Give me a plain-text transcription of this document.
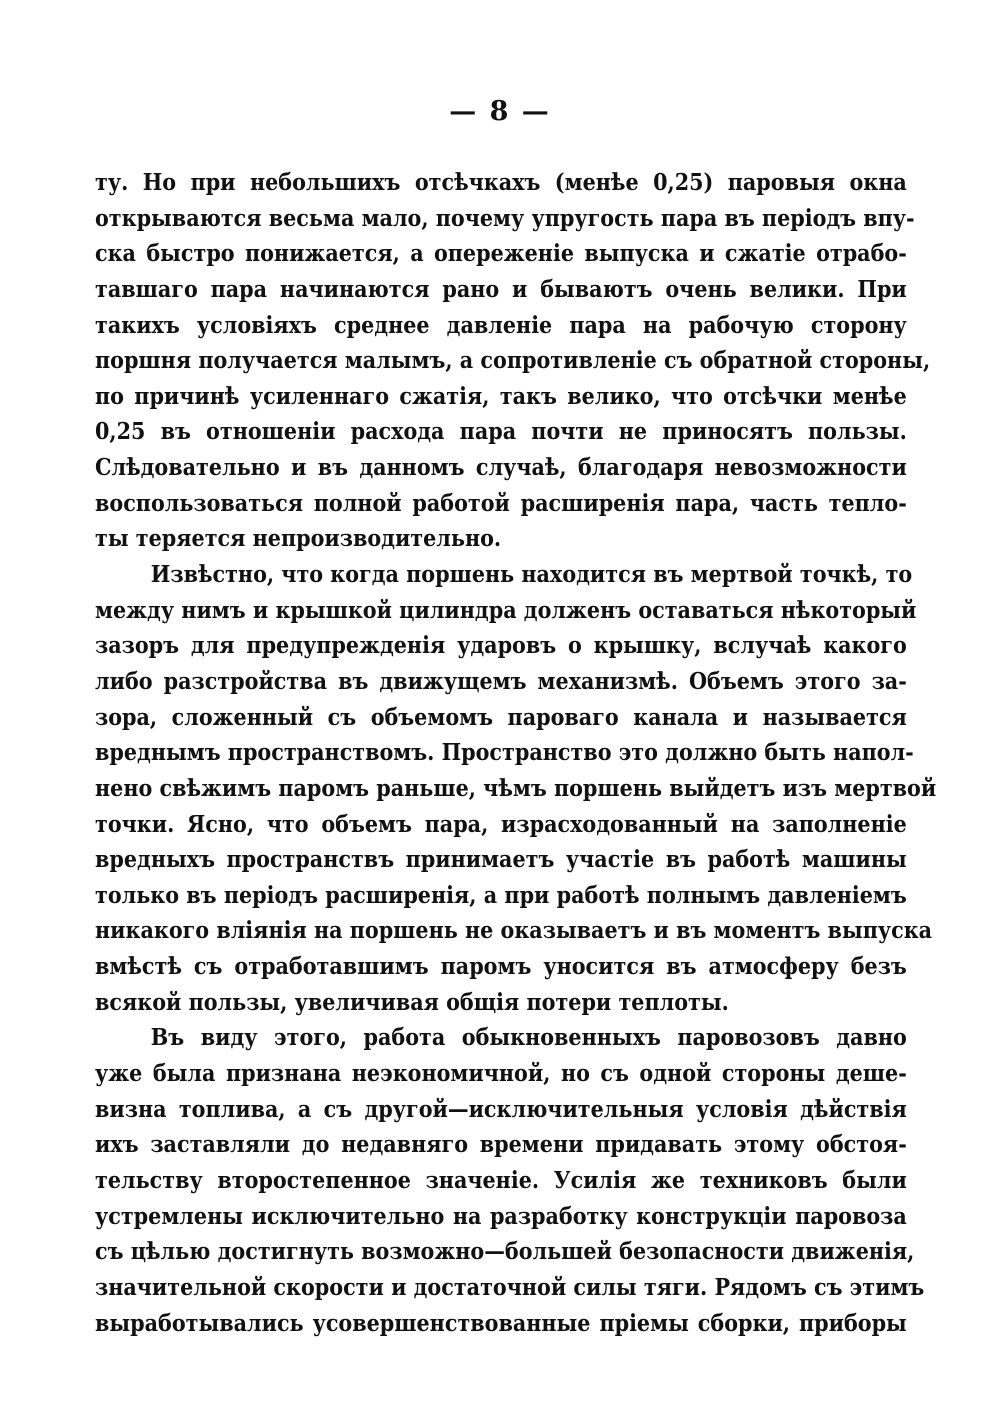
— 8 —
ту. Но при небольшихъ отсѣчкахъ (менѣе 0,25) паровыя окна
открываются весьма мало, почему упругость пара въ періодъ впу-
ска быстро понижается, а опереженіе выпуска и сжатіе отрабо-
тавшаго пара начинаются рано и бываютъ очень велики. При
такихъ условіяхъ среднее давленіе пара на рабочую сторону
поршня получается малымъ, а сопротивленіе съ обратной стороны,
по причинѣ усиленнаго сжатія, такъ велико, что отсѣчки менѣе
0,25 въ отношеніи расхода пара почти не приносятъ пользы.
Слѣдовательно и въ данномъ случаѣ, благодаря невозможности
воспользоваться полной работой расширенія пара, часть тепло-
ты теряется непроизводительно.
Извѣстно, что когда поршень находится въ мертвой точкѣ, то
между нимъ и крышкой цилиндра долженъ оставаться нѣкоторый
зазоръ для предупрежденія ударовъ о крышку, вслучаѣ какого
либо разстройства въ движущемъ механизмѣ. Объемъ этого за-
зора, сложенный съ объемомъ пароваго канала и называется
вреднымъ пространствомъ. Пространство это должно быть напол-
нено свѣжимъ паромъ раньше, чѣмъ поршень выйдетъ изъ мертвой
точки. Ясно, что объемъ пара, израсходованный на заполненіе
вредныхъ пространствъ принимаетъ участіе въ работѣ машины
только въ періодъ расширенія, а при работѣ полнымъ давленіемъ
никакого вліянія на поршень не оказываетъ и въ моментъ выпуска
вмѣстѣ съ отработавшимъ паромъ уносится въ атмосферу безъ
всякой пользы, увеличивая общія потери теплоты.
Въ виду этого, работа обыкновенныхъ паровозовъ давно
уже была признана неэкономичной, но съ одной стороны деше-
визна топлива, а съ другой—исключительныя условія дѣйствія
ихъ заставляли до недавняго времени придавать этому обстоя-
тельству второстепенное значеніе. Усилія же техниковъ были
устремлены исключительно на разработку конструкціи паровоза
съ цѣлью достигнуть возможно—большей безопасности движенія,
значительной скорости и достаточной силы тяги. Рядомъ съ этимъ
выработывались усовершенствованные пріемы сборки, приборы
